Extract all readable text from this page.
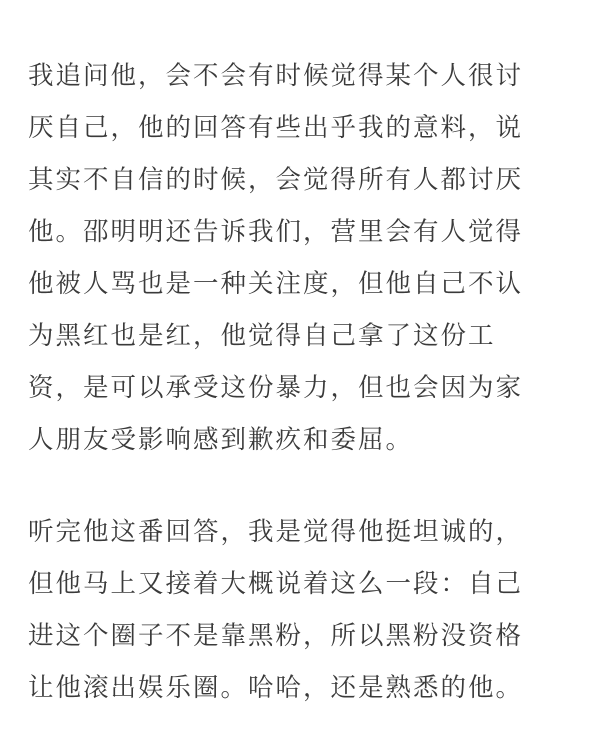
我追问他，会不会有时候觉得某个人很讨
厌自己，他的回答有些出乎我的意料，说
其实不自信的时候，会觉得所有人都讨厌
他。邵明明还告诉我们，营里会有人觉得
他被人骂也是一种关注度，但他自己不认
为黑红也是红，他觉得自己拿了这份工
资，是可以承受这份暴力，但也会因为家
人朋友受影响感到歉疚和委屈。

听完他这番回答，我是觉得他挺坦诚的，
但他马上又接着大概说着这么一段：自己
进这个圈子不是靠黑粉，所以黑粉没资格
让他滚出娱乐圈。哈哈，还是熟悉的他。
